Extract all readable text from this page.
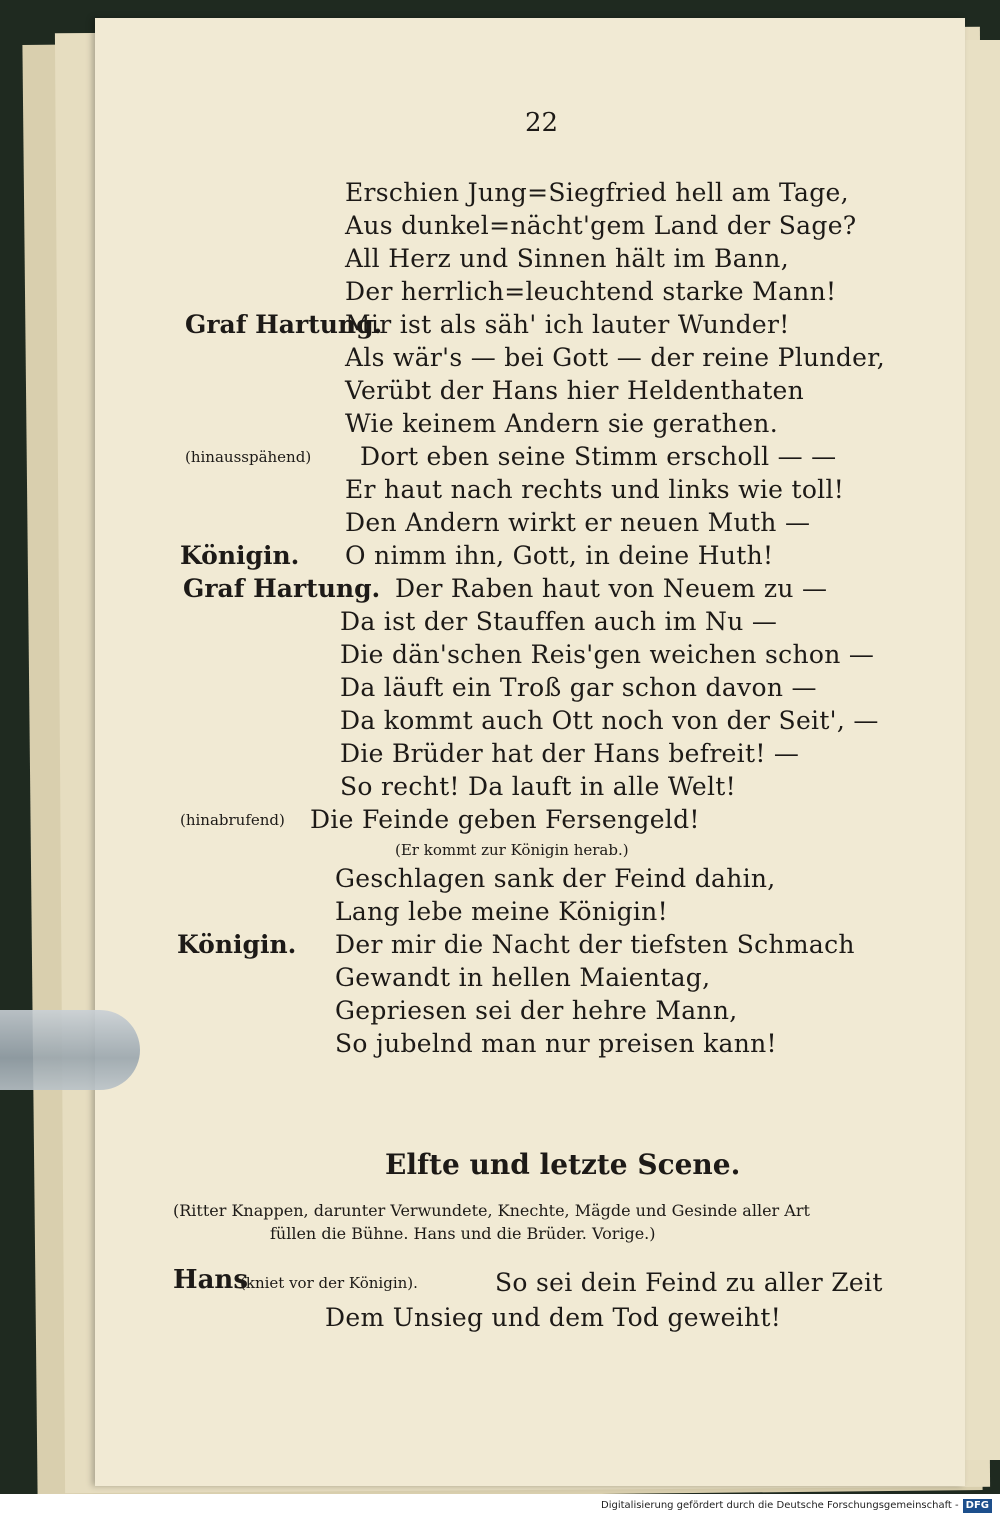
22
Erschien Jung=Siegfried hell am Tage,
Aus dunkel=nächt'gem Land der Sage?
All Herz und Sinnen hält im Bann,
Der herrlich=leuchtend starke Mann!
Graf Hartung.
Mir ist als säh' ich lauter Wunder!
Als wär's — bei Gott — der reine Plunder,
Verübt der Hans hier Heldenthaten
Wie keinem Andern sie gerathen.
(hinausspähend) Dort eben seine Stimm erscholl — —
Er haut nach rechts und links wie toll!
Den Andern wirkt er neuen Muth —
Königin. O nimm ihn, Gott, in deine Huth!
Graf Hartung. Der Raben haut von Neuem zu —
Da ist der Stauffen auch im Nu —
Die dän'schen Reis'gen weichen schon —
Da läuft ein Troß gar schon davon —
Da kommt auch Ott noch von der Seit', —
Die Brüder hat der Hans befreit! —
So recht! Da lauft in alle Welt!
(hinabrufend) Die Feinde geben Fersengeld!
(Er kommt zur Königin herab.)
Geschlagen sank der Feind dahin,
Lang lebe meine Königin!
Königin. Der mir die Nacht der tiefsten Schmach
Gewandt in hellen Maientag,
Gepriesen sei der hehre Mann,
So jubelnd man nur preisen kann!
Elfte und letzte Scene.
(Ritter Knappen, darunter Verwundete, Knechte, Mägde und Gesinde aller Art
füllen die Bühne. Hans und die Brüder. Vorige.)
Hans
(kniet vor der Königin).	So sei dein Feind zu aller Zeit
Dem Unsieg und dem Tod geweiht!
Digitalisierung gefördert durch die Deutsche Forschungsgemeinschaft - DFG
